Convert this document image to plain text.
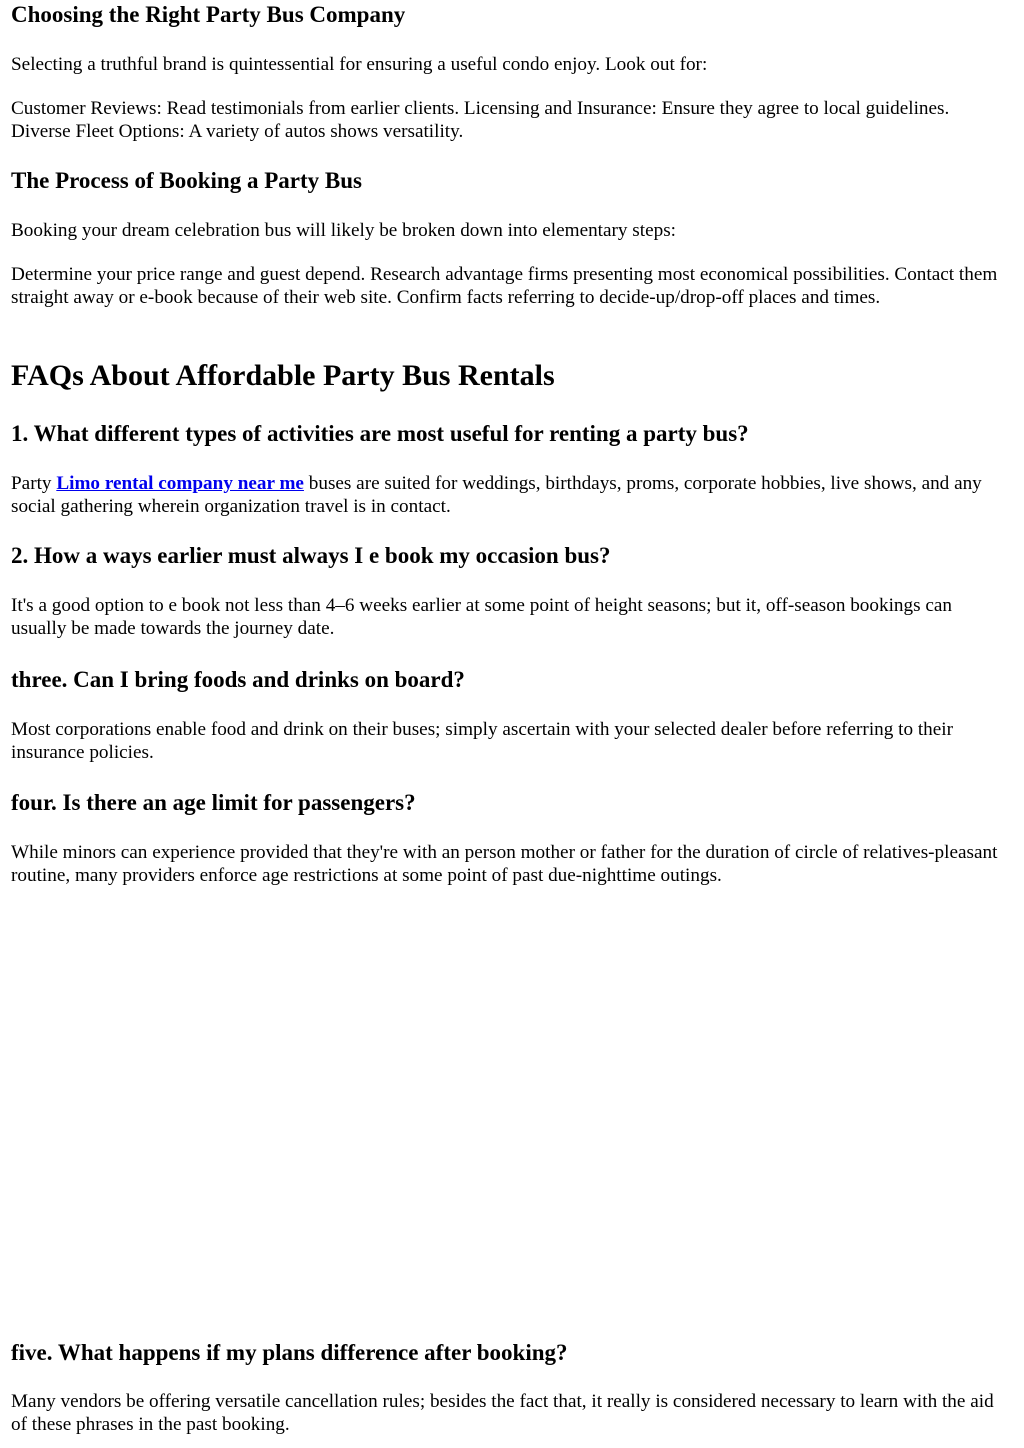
Choosing the Right Party Bus Company

Selecting a truthful brand is quintessential for ensuring a useful condo enjoy. Look out for:

Customer Reviews: Read testimonials from earlier clients. Licensing and Insurance: Ensure they agree to local guidelines. Diverse Fleet Options: A variety of autos shows versatility.

The Process of Booking a Party Bus

Booking your dream celebration bus will likely be broken down into elementary steps:

Determine your price range and guest depend. Research advantage firms presenting most economical possibilities. Contact them straight away or e-book because of their web site. Confirm facts referring to decide-up/drop-off places and times.

FAQs About Affordable Party Bus Rentals
1. What different types of activities are most useful for renting a party bus?

Party Limo rental company near me buses are suited for weddings, birthdays, proms, corporate hobbies, live shows, and any social gathering wherein organization travel is in contact.

2. How a ways earlier must always I e book my occasion bus?

It's a good option to e book not less than 4–6 weeks earlier at some point of height seasons; but it, off-season bookings can usually be made towards the journey date.

three. Can I bring foods and drinks on board?

Most corporations enable food and drink on their buses; simply ascertain with your selected dealer before referring to their insurance policies.

four. Is there an age limit for passengers?

While minors can experience provided that they're with an person mother or father for the duration of circle of relatives-pleasant routine, many providers enforce age restrictions at some point of past due-nighttime outings.

five. What happens if my plans difference after booking?

Many vendors be offering versatile cancellation rules; besides the fact that, it really is considered necessary to learn with the aid of these phrases in the past booking.
